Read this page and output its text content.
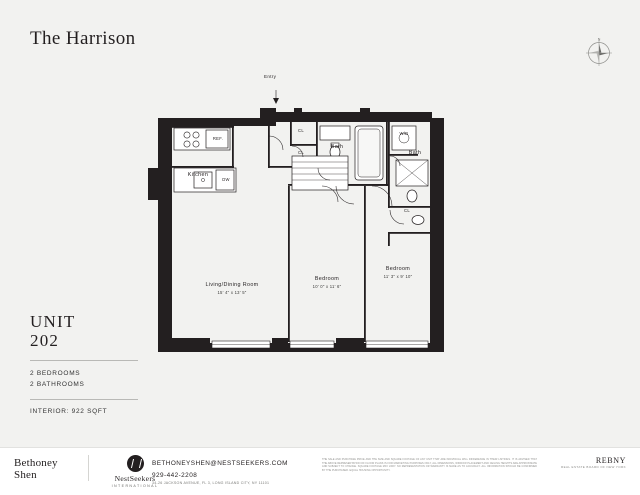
The Harrison	N
UNIT
202
2 BEDROOMS
2 BATHROOMS
INTERIOR: 922 SQFT
Entry
Kitchen
Living/Dining Room
15' 4" x 13' 5"
Bedroom
10' 0" x 11' 6"
Bedroom
11' 3" x 9' 10"
Bath
Bath
REF.
DW
W/D
CL
CL
CL
Bethoney
Shen	NestSeekers
INTERNATIONAL
BETHONEYSHEN@NESTSEEKERS.COM
929-442-2208
34-26 JACKSON AVENUE, FL 3, LONG ISLAND CITY, NY 11101
THE SALE AND PURCHASE PRICE AND THE SIZE AND SQUARE FOOTAGE OF ANY UNIT THAT ARE INDIVIDUAL WILL DIFFERENCE IN THEIR LISTINGS. IT IS ADVISED THAT THE ABOVE REPRESENTATION OF FLOOR PLANS IS FOR MARKETING PURPOSES ONLY, ALL DIMENSIONS, WINDOW PLACEMENT AND CEILING HEIGHTS ARE APPROXIMATE AND SUBJECT TO CHANGE. SQUARE FOOTAGE MAY VARY. NO REPRESENTATION OR WARRANTY IS MADE AS TO ACCURACY. ALL INFORMATION SHOULD BE CONFIRMED BY THE PURCHASER. EQUAL HOUSING OPPORTUNITY.
REBNY
REAL ESTATE BOARD OF NEW YORK
